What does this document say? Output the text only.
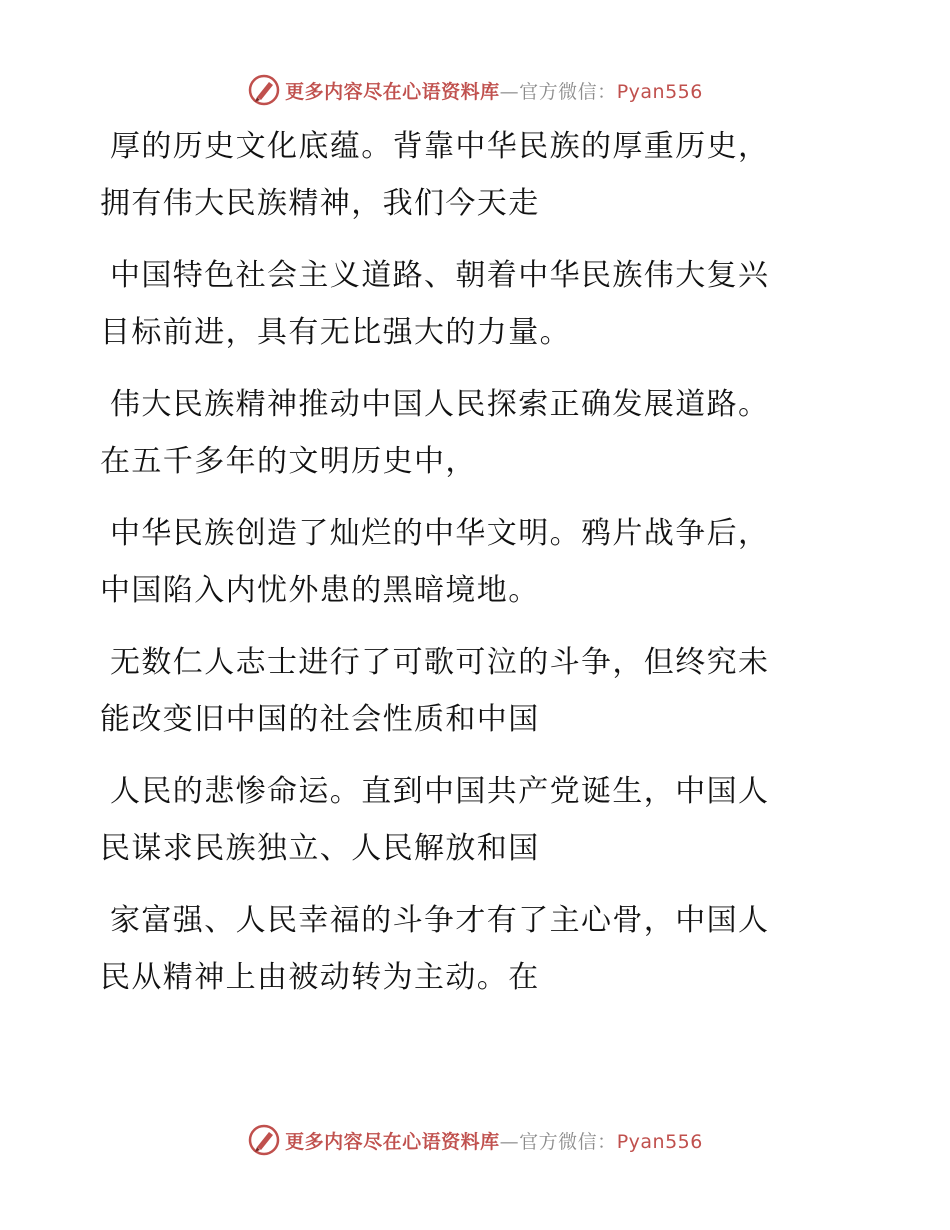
更多内容尽在心语资料库—官方微信：Pyan556

厚的历史文化底蕴。背靠中华民族的厚重历史，
拥有伟大民族精神，我们今天走

中国特色社会主义道路、朝着中华民族伟大复兴
目标前进，具有无比强大的力量。

伟大民族精神推动中国人民探索正确发展道路。
在五千多年的文明历史中，

中华民族创造了灿烂的中华文明。鸦片战争后，
中国陷入内忧外患的黑暗境地。

无数仁人志士进行了可歌可泣的斗争，但终究未
能改变旧中国的社会性质和中国

人民的悲惨命运。直到中国共产党诞生，中国人
民谋求民族独立、人民解放和国

家富强、人民幸福的斗争才有了主心骨，中国人
民从精神上由被动转为主动。在

更多内容尽在心语资料库—官方微信：Pyan556
